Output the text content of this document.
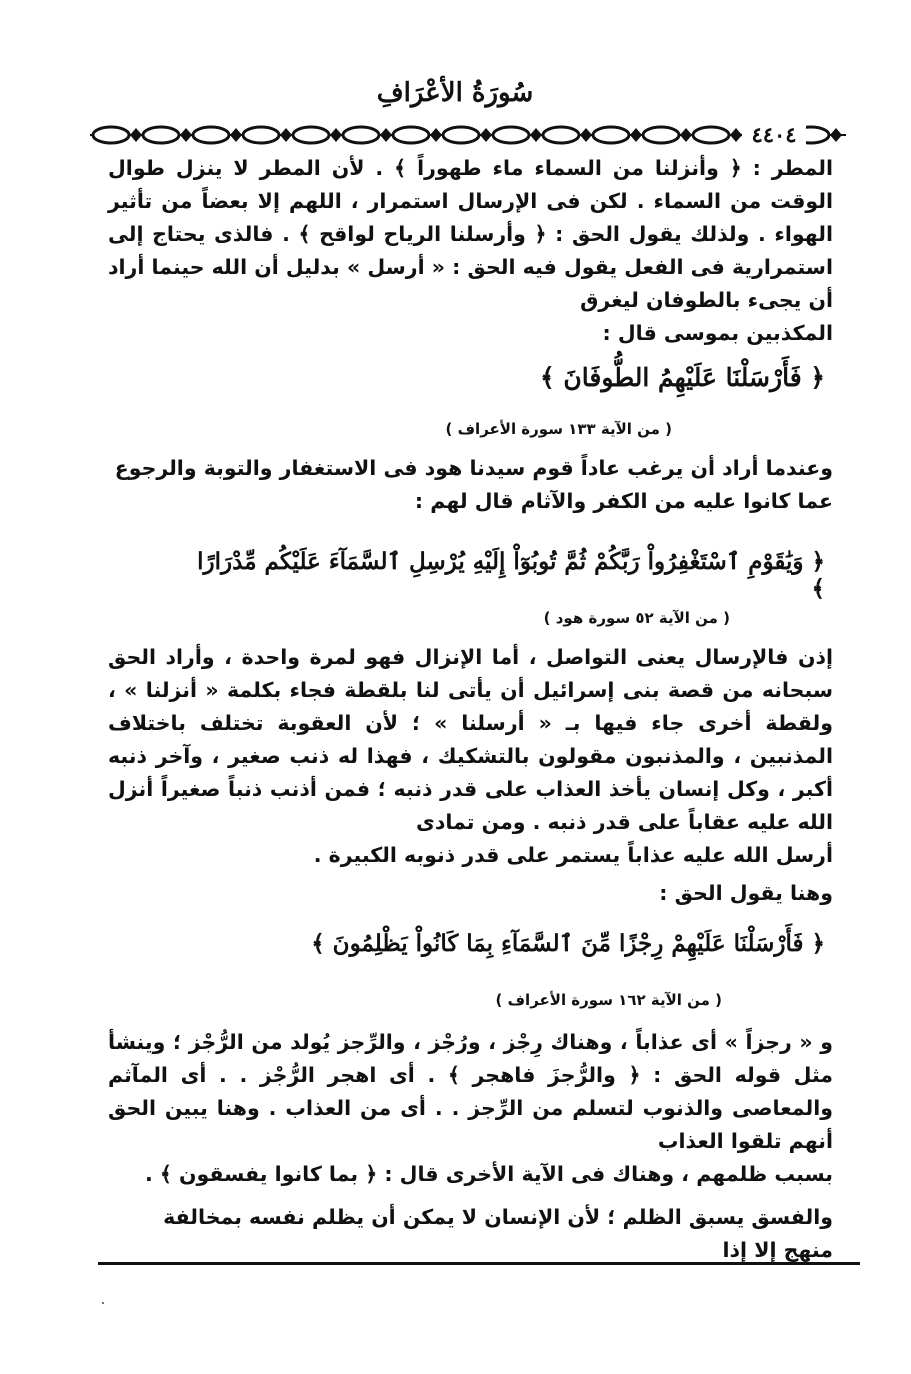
سُورَةُ الأعْرَافِ
٤٤٠٤
المطر : ﴿ وأنزلنا من السماء ماء طهوراً ﴾ . لأن المطر لا ينزل طوال الوقت من السماء . لكن فى الإرسال استمرار ، اللهم إلا بعضاً من تأثير الهواء . ولذلك يقول الحق : ﴿ وأرسلنا الرياح لواقح ﴾ . فالذى يحتاج إلى استمرارية فى الفعل يقول فيه الحق : « أرسل » بدليل أن الله حينما أراد أن يجىء بالطوفان ليغرق
المكذبين بموسى قال :
﴿ فَأَرْسَلْنَا عَلَيْهِمُ الطُّوفَانَ ﴾
( من الآية ١٣٣ سورة الأعراف )
وعندما أراد أن يرغب عاداً قوم سيدنا هود فى الاستغفار والتوبة والرجوع
عما كانوا عليه من الكفر والآثام قال لهم :
﴿ وَيَٰقَوْمِ ٱسْتَغْفِرُواْ رَبَّكُمْ ثُمَّ تُوبُوٓاْ إِلَيْهِ يُرْسِلِ ٱلسَّمَآءَ عَلَيْكُم مِّدْرَارًا ﴾
( من الآية ٥٢ سورة هود )
إذن فالإرسال يعنى التواصل ، أما الإنزال فهو لمرة واحدة ، وأراد الحق سبحانه من قصة بنى إسرائيل أن يأتى لنا بلقطة فجاء بكلمة « أنزلنا » ، ولقطة أخرى جاء فيها بـ « أرسلنا » ؛ لأن العقوبة تختلف باختلاف المذنبين ، والمذنبون مقولون بالتشكيك ، فهذا له ذنب صغير ، وآخر ذنبه أكبر ، وكل إنسان يأخذ العذاب على قدر ذنبه ؛ فمن أذنب ذنباً صغيراً أنزل الله عليه عقاباً على قدر ذنبه . ومن تمادى
أرسل الله عليه عذاباً يستمر على قدر ذنوبه الكبيرة .
وهنا يقول الحق :
﴿ فَأَرْسَلْنَا عَلَيْهِمْ رِجْزًا مِّنَ ٱلسَّمَآءِ بِمَا كَانُواْ يَظْلِمُونَ ﴾
( من الآية ١٦٢ سورة الأعراف )
و « رجزاً » أى عذاباً ، وهناك رِجْز ، ورُجْز ، والرِّجز يُولد من الرُّجْز ؛ وينشأ مثل قوله الحق : ﴿ والرُّجزَ فاهجر ﴾ . أى اهجر الرُّجْز . . أى المآثم والمعاصى والذنوب لتسلم من الرِّجز . . أى من العذاب . وهنا يبين الحق أنهم تلقوا العذاب
بسبب ظلمهم ، وهناك فى الآية الأخرى قال : ﴿ بما كانوا يفسقون ﴾ .
والفسق يسبق الظلم ؛ لأن الإنسان لا يمكن أن يظلم نفسه بمخالفة منهج إلا إذا
